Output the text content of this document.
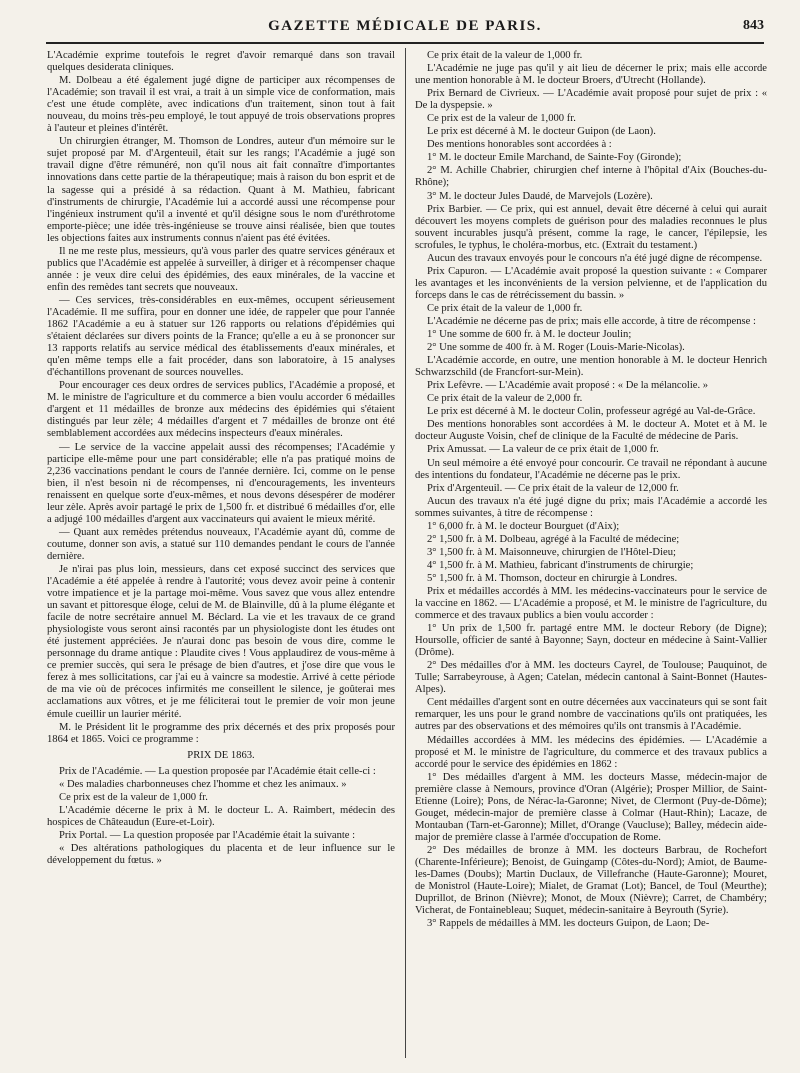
GAZETTE MÉDICALE DE PARIS.	843

L'Académie exprime toutefois le regret d'avoir remarqué dans son travail quelques desiderata cliniques.

M. Dolbeau a été également jugé digne de participer aux récompenses de l'Académie; son travail il est vrai, a trait à un simple vice de conformation, mais c'est une étude complète, avec indications d'un traitement, sinon tout à fait nouveau, du moins très-peu employé, le tout appuyé de trois observations propres à l'auteur et pleines d'intérêt.

Un chirurgien étranger, M. Thomson de Londres, auteur d'un mémoire sur le sujet proposé par M. d'Argenteuil, était sur les rangs; l'Académie a jugé son travail digne d'être rémunéré, non qu'il nous ait fait connaître d'importantes innovations dans cette partie de la thérapeutique; mais à raison du bon esprit et de la sagesse qui a présidé à sa rédaction. Quant à M. Mathieu, fabricant d'instruments de chirurgie, l'Académie lui a accordé aussi une récompense pour l'ingénieux instrument qu'il a inventé et qu'il désigne sous le nom d'uréthrotome emporte-pièce; une idée très-ingénieuse se trouve ainsi réalisée, bien que toutes les objections faites aux instruments connus n'aient pas été évitées.

Il ne me reste plus, messieurs, qu'à vous parler des quatre services généraux et publics que l'Académie est appelée à surveiller, à diriger et à récompenser chaque année : je veux dire celui des épidémies, des eaux minérales, de la vaccine et enfin des remèdes tant secrets que nouveaux.

— Ces services, très-considérables en eux-mêmes, occupent sérieusement l'Académie. Il me suffira, pour en donner une idée, de rappeler que pour l'année 1862 l'Académie a eu à statuer sur 126 rapports ou relations d'épidémies qui s'étaient déclarées sur divers points de la France; qu'elle a eu à se prononcer sur 13 rapports relatifs au service médical des établissements d'eaux minérales, et qu'en même temps elle a fait procéder, dans son laboratoire, à 15 analyses d'échantillons provenant de sources nouvelles.

Pour encourager ces deux ordres de services publics, l'Académie a proposé, et M. le ministre de l'agriculture et du commerce a bien voulu accorder 6 médailles d'argent et 11 médailles de bronze aux médecins des épidémies qui s'étaient distingués par leur zèle; 4 médailles d'argent et 7 médailles de bronze ont été semblablement accordées aux médecins inspecteurs d'eaux minérales.

— Le service de la vaccine appelait aussi des récompenses; l'Académie y participe elle-même pour une part considérable; elle n'a pas pratiqué moins de 2,236 vaccinations pendant le cours de l'année dernière. Ici, comme on le pense bien, il n'est besoin ni de récompenses, ni d'encouragements, les inventeurs renaissent en quelque sorte d'eux-mêmes, et nous devons désespérer de modérer leur zèle. Après avoir partagé le prix de 1,500 fr. et distribué 6 médailles d'or, elle a adjugé 100 médailles d'argent aux vaccinateurs qui avaient le mieux mérité.

— Quant aux remèdes prétendus nouveaux, l'Académie ayant dû, comme de coutume, donner son avis, a statué sur 110 demandes pendant le cours de l'année dernière.

Je n'irai pas plus loin, messieurs, dans cet exposé succinct des services que l'Académie a été appelée à rendre à l'autorité; vous devez avoir peine à contenir votre impatience et je la partage moi-même. Vous savez que vous allez entendre un savant et pittoresque éloge, celui de M. de Blainville, dû à la plume élégante et facile de notre secrétaire annuel M. Béclard. La vie et les travaux de ce grand physiologiste vous seront ainsi racontés par un physiologiste dont les études ont été justement appréciées. Je n'aurai donc pas besoin de vous dire, comme le personnage du drame antique : Plaudite cives ! Vous applaudirez de vous-même à ce premier succès, qui sera le présage de bien d'autres, et j'ose dire que vous le ferez à mes sollicitations, car j'ai eu à vaincre sa modestie. Arrivé à cette période de ma vie où de précoces infirmités me conseillent le silence, je goûterai mes acclamations aux vôtres, et je me féliciterai tout le premier de voir mon jeune émule cueillir un laurier mérité.

M. le Président lit le programme des prix décernés et des prix proposés pour 1864 et 1865. Voici ce programme :

PRIX DE 1863.

Prix de l'Académie. — La question proposée par l'Académie était celle-ci :

« Des maladies charbonneuses chez l'homme et chez les animaux. »

Ce prix est de la valeur de 1,000 fr.

L'Académie décerne le prix à M. le docteur L. A. Raimbert, médecin des hospices de Châteaudun (Eure-et-Loir).

Prix Portal. — La question proposée par l'Académie était la suivante :

« Des altérations pathologiques du placenta et de leur influence sur le développement du fœtus. »

Ce prix était de la valeur de 1,000 fr.

L'Académie ne juge pas qu'il y ait lieu de décerner le prix; mais elle accorde une mention honorable à M. le docteur Broers, d'Utrecht (Hollande).

Prix Bernard de Civrieux. — L'Académie avait proposé pour sujet de prix : « De la dyspepsie. »

Ce prix est de la valeur de 1,000 fr.

Le prix est décerné à M. le docteur Guipon (de Laon).

Des mentions honorables sont accordées à :

1° M. le docteur Emile Marchand, de Sainte-Foy (Gironde);

2° M. Achille Chabrier, chirurgien chef interne à l'hôpital d'Aix (Bouches-du-Rhône);

3° M. le docteur Jules Daudé, de Marvejols (Lozère).

Prix Barbier. — Ce prix, qui est annuel, devait être décerné à celui qui aurait découvert les moyens complets de guérison pour des maladies reconnues le plus souvent incurables jusqu'à présent, comme la rage, le cancer, l'épilepsie, les scrofules, le typhus, le choléra-morbus, etc. (Extrait du testament.)

Aucun des travaux envoyés pour le concours n'a été jugé digne de récompense.

Prix Capuron. — L'Académie avait proposé la question suivante : « Comparer les avantages et les inconvénients de la version pelvienne, et de l'application du forceps dans le cas de rétrécissement du bassin. »

Ce prix était de la valeur de 1,000 fr.

L'Académie ne décerne pas de prix; mais elle accorde, à titre de récompense :

1° Une somme de 600 fr. à M. le docteur Joulin;

2° Une somme de 400 fr. à M. Roger (Louis-Marie-Nicolas).

L'Académie accorde, en outre, une mention honorable à M. le docteur Henrich Schwarzschild (de Francfort-sur-Mein).

Prix Lefèvre. — L'Académie avait proposé : « De la mélancolie. »

Ce prix était de la valeur de 2,000 fr.

Le prix est décerné à M. le docteur Colin, professeur agrégé au Val-de-Grâce.

Des mentions honorables sont accordées à M. le docteur A. Motet et à M. le docteur Auguste Voisin, chef de clinique de la Faculté de médecine de Paris.

Prix Amussat. — La valeur de ce prix était de 1,000 fr.

Un seul mémoire a été envoyé pour concourir. Ce travail ne répondant à aucune des intentions du fondateur, l'Académie ne décerne pas le prix.

Prix d'Argenteuil. — Ce prix était de la valeur de 12,000 fr.

Aucun des travaux n'a été jugé digne du prix; mais l'Académie a accordé les sommes suivantes, à titre de récompense :

1° 6,000 fr. à M. le docteur Bourguet (d'Aix);

2° 1,500 fr. à M. Dolbeau, agrégé à la Faculté de médecine;

3° 1,500 fr. à M. Maisonneuve, chirurgien de l'Hôtel-Dieu;

4° 1,500 fr. à M. Mathieu, fabricant d'instruments de chirurgie;

5° 1,500 fr. à M. Thomson, docteur en chirurgie à Londres.

Prix et médailles accordés à MM. les médecins-vaccinateurs pour le service de la vaccine en 1862. — L'Académie a proposé, et M. le ministre de l'agriculture, du commerce et des travaux publics a bien voulu accorder :

1° Un prix de 1,500 fr. partagé entre MM. le docteur Rebory (de Digne); Hoursolle, officier de santé à Bayonne; Sayn, docteur en médecine à Saint-Vallier (Drôme).

2° Des médailles d'or à MM. les docteurs Cayrel, de Toulouse; Pauquinot, de Tulle; Sarrabeyrouse, à Agen; Catelan, médecin cantonal à Saint-Bonnet (Hautes-Alpes).

Cent médailles d'argent sont en outre décernées aux vaccinateurs qui se sont fait remarquer, les uns pour le grand nombre de vaccinations qu'ils ont pratiquées, les autres par des observations et des mémoires qu'ils ont transmis à l'Académie.

Médailles accordées à MM. les médecins des épidémies. — L'Académie a proposé et M. le ministre de l'agriculture, du commerce et des travaux publics a accordé pour le service des épidémies en 1862 :

1° Des médailles d'argent à MM. les docteurs Masse, médecin-major de première classe à Nemours, province d'Oran (Algérie); Prosper Millior, de Saint-Etienne (Loire); Pons, de Nérac-la-Garonne; Nivet, de Clermont (Puy-de-Dôme); Gouget, médecin-major de première classe à Colmar (Haut-Rhin); Lacaze, de Montauban (Tarn-et-Garonne); Millet, d'Orange (Vaucluse); Balley, médecin aide-major de première classe à l'armée d'occupation de Rome.

2° Des médailles de bronze à MM. les docteurs Barbrau, de Rochefort (Charente-Inférieure); Benoist, de Guingamp (Côtes-du-Nord); Amiot, de Baume-les-Dames (Doubs); Martin Duclaux, de Villefranche (Haute-Garonne); Mouret, de Monistrol (Haute-Loire); Mialet, de Gramat (Lot); Bancel, de Toul (Meurthe); Duprillot, de Brinon (Nièvre); Monot, de Moux (Nièvre); Carret, de Chambéry; Vicherat, de Fontainebleau; Suquet, médecin-sanitaire à Beyrouth (Syrie).

3° Rappels de médailles à MM. les docteurs Guipon, de Laon; De-
